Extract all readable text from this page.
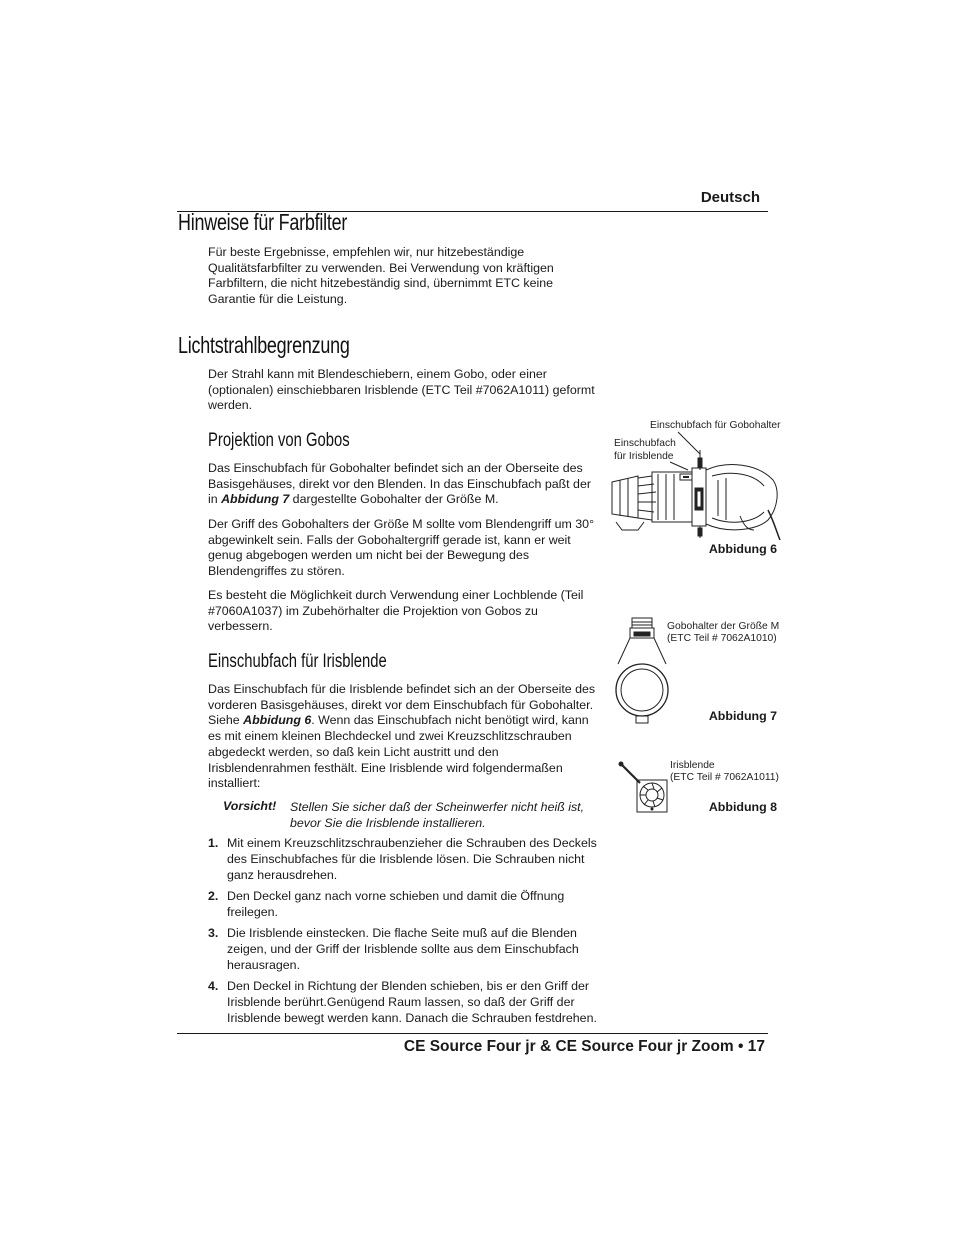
Deutsch
Hinweise für Farbfilter
Für beste Ergebnisse, empfehlen wir, nur hitzebeständige Qualitätsfarbfilter zu verwenden. Bei Verwendung von kräftigen Farbfiltern, die nicht hitzebeständig sind, übernimmt ETC keine Garantie für die Leistung.
Lichtstrahlbegrenzung
Der Strahl kann mit Blendeschiebern, einem Gobo, oder einer (optionalen) einschiebbaren Irisblende (ETC Teil #7062A1011) geformt werden.
Projektion von Gobos
Das Einschubfach für Gobohalter befindet sich an der Oberseite des Basisgehäuses, direkt vor den Blenden. In das Einschubfach paßt der in Abbidung 7 dargestellte Gobohalter der Größe M.
Der Griff des Gobohalters der Größe M sollte vom Blendengriff um 30° abgewinkelt sein. Falls der Gobohaltergriff gerade ist, kann er weit genug abgebogen werden um nicht bei der Bewegung des Blendengriffes zu stören.
Es besteht die Möglichkeit durch Verwendung einer Lochblende (Teil #7060A1037) im Zubehörhalter die Projektion von Gobos zu verbessern.
Einschubfach für Irisblende
Das Einschubfach für die Irisblende befindet sich an der Oberseite des vorderen Basisgehäuses, direkt vor dem Einschubfach für Gobohalter. Siehe Abbidung 6. Wenn das Einschubfach nicht benötigt wird, kann es mit einem kleinen Blechdeckel und zwei Kreuzschlitzschrauben abgedeckt werden, so daß kein Licht austritt und den Irisblendenrahmen festhält. Eine Irisblende wird folgendermaßen installiert:
Vorsicht! Stellen Sie sicher daß der Scheinwerfer nicht heiß ist, bevor Sie die Irisblende installieren.
1. Mit einem Kreuzschlitzschraubenzieher die Schrauben des Deckels des Einschubfaches für die Irisblende lösen. Die Schrauben nicht ganz herausdrehen.
2. Den Deckel ganz nach vorne schieben und damit die Öffnung freilegen.
3. Die Irisblende einstecken. Die flache Seite muß auf die Blenden zeigen, und der Griff der Irisblende sollte aus dem Einschubfach herausragen.
4. Den Deckel in Richtung der Blenden schieben, bis er den Griff der Irisblende berührt.Genügend Raum lassen, so daß der Griff der Irisblende bewegt werden kann. Danach die Schrauben festdrehen.
Einschubfach für Gobohalter
Einschubfach
für Irisblende
Abbidung 6
Gobohalter der Größe M
(ETC Teil # 7062A1010)
Abbidung 7
Irisblende
(ETC Teil # 7062A1011)
Abbidung 8
CE Source Four jr & CE Source Four jr Zoom • 17
